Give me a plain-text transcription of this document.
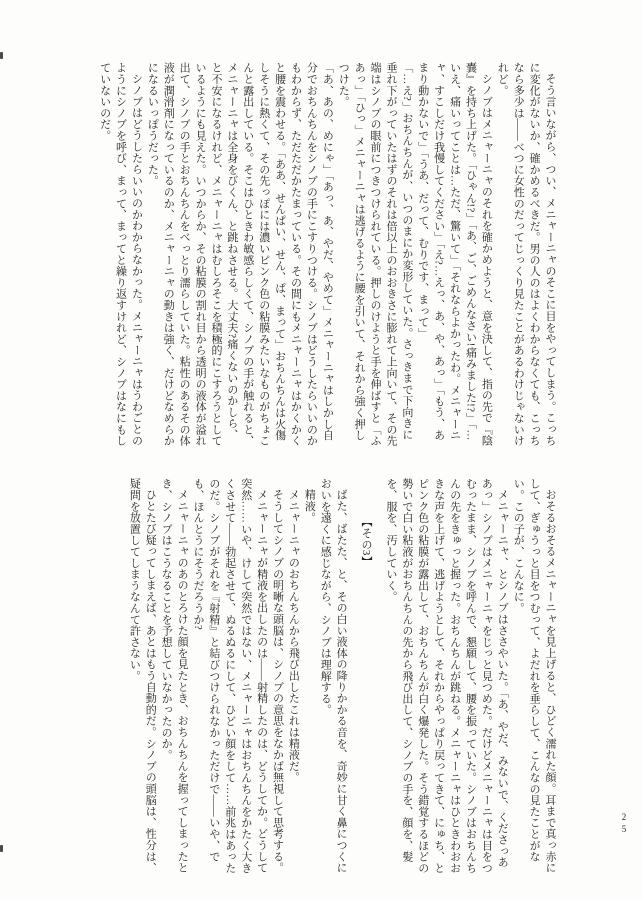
そう言いながら、つい、メニャーニャのそこに目をやってしまう。こっちに変化がないか、確かめるべきだ。男の人のはよくわからなくても、こっちなら多少は――べつに女性のだってじっくり見たことがあるわけじゃないけれど。

シノブはメニャーニャのそれを確かめようと、意を決して、指の先で『陰嚢』を持ち上げた。「ひゃん!?」「あ、ご、ごめんなさい!痛みました!?」「…いえ、痛いってことは…ただ、驚いて」「それならよかったわ。メニャーニャ、すこしだけ我慢してください」「え?…えっ、あ、や、あっ」「もう、あまり動かないで」「うあ、だって、むりです、まって」

「…え?」おちんちんが、いつのまにか変形していた。さっきまで下向きに垂れ下がっていたはずのそれは倍以上のおおきさに膨れて上向いて、その先端はシノブの眼前につきつけられている。押しのけようと手を伸ばすと「ふあっ」「ひっ」メニャーニャは逃げるように腰を引いて、それから強く押しつけた。

「あ、あの、めにゃ」「あっ、あ、やだ、やめて」メニャーニャはしかし自分でおちんちんをシノブの手にこすりつける。シノブはどうしたらいいのかもわからず、ただただかたまっている。その間にもメニャーニャはかくかくと腰を震わせる。「ああ、せんぱい、せん、ぱ、まって」おちんちんは火傷しそうに熱くて、その先っぽには濃いピンク色の粘膜みたいなものがちょこんと露出している。そこはひときわ敏感らしくて、シノブの手が触れると、メニャーニャは全身をびくん、と跳ねさせる。大丈夫?痛くないのかしら、と不安になるけれど、メニャーニャはむしろそこを積極的にこすろうとしているようにも見えた。いつからか、その粘膜の割れ目から透明の液体が溢れ出て、シノブの手とおちんちんをべっとり濡らしていた。粘性のあるその体液が潤滑剤になっているのか、メニャーニャの動きは強く、だけどなめらかになるいっぽうだった。

シノブはどうしたらいいのかわからなかった。メニャーニャはうわごとのようにシノブを呼び、まって、まってと繰り返すけれど、シノブはなにもしていないのだ。

おそるおそるメニャーニャを見上げると、ひどく濡れた顔。耳まで真っ赤にして、ぎゅうっと目をつむって、よだれを垂らして、こんなの見たことがない。この子が、こんなに。

メニャーニャ、とシノブはささやいた。「あ、やだ、みないで、くださっああっ」シノブはメニャーニャをじっと見つめた。だけどメニャーニャは目をつむったまま、シノブを呼んで、懇願して、腰を振っていた。シノブはおちんちんの先をきゅっと握った。おちんちんが跳ねる。メニャーニャはひときわおおきな声を上げて、逃げようとして、それからやっぱり戻ってきて、にゅち、とピンク色の粘膜が露出して、おちんちんが白く爆発した。そう錯覚するほどの勢いで白い粘液がおちんちんの先から飛び出して、シノブの手を、顔を、髪を、服を、汚していく。

【その3】

ばた、ばたた、と、その白い液体の降りかかる音を、奇妙に甘く鼻につくにおいを遠くに感じながら、シノブは理解する。

精液。

メニャーニャのおちんちんから飛び出したこれは精液だ。

そうしてシノブの明晰な頭脳は、シノブの意思をなかば無視して思考する。

メニャーニャが精液を出したのは――射精したのは、どうしてか。どうして突然……いや、けして突然ではない、メニャーニャはおちんちんをかたく大きくさせて――勃起させて、ぬるぬるにして、ひどい顔をして……前兆はあったのだ。シノブがそれを『射精』と結びつけられなかっただけで――いや、でも、ほんとうにそうだろうか?

メニャーニャのあのとろけた顔を見たとき、おちんちんを握ってしまったとき、シノブはこうなることを予想していなかったのか。

ひとたび疑ってしまえば、あとはもう自動的だ。シノブの頭脳は、性分は、疑問を放置してしまうなんて許さない。

25
